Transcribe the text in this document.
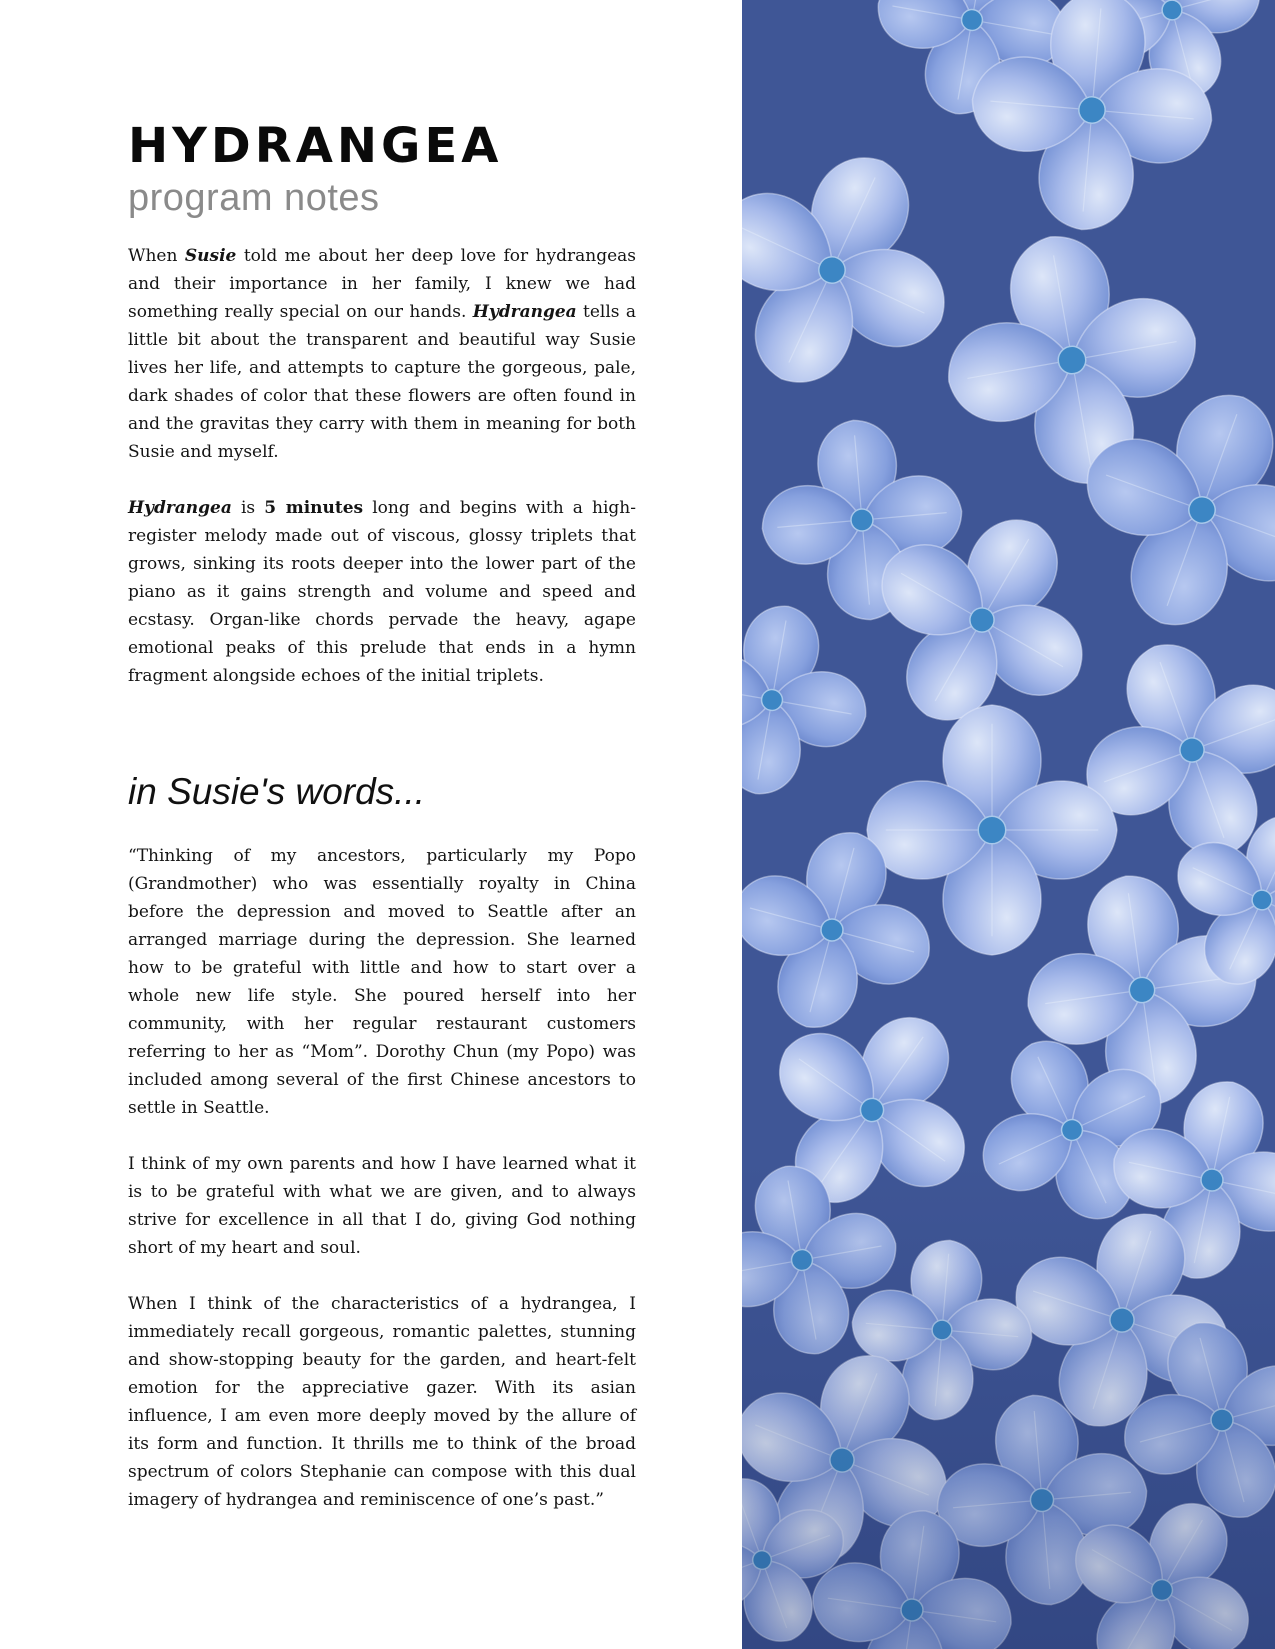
HYDRANGEA
program notes

When Susie told me about her deep love for hydrangeas and their importance in her family, I knew we had something really special on our hands. Hydrangea tells a little bit about the transparent and beautiful way Susie lives her life, and attempts to capture the gorgeous, pale, dark shades of color that these flowers are often found in and the gravitas they carry with them in meaning for both Susie and myself.

Hydrangea is 5 minutes long and begins with a high-register melody made out of viscous, glossy triplets that grows, sinking its roots deeper into the lower part of the piano as it gains strength and volume and speed and ecstasy. Organ-like chords pervade the heavy, agape emotional peaks of this prelude that ends in a hymn fragment alongside echoes of the initial triplets.

in Susie's words...

“Thinking of my ancestors, particularly my Popo (Grandmother) who was essentially royalty in China before the depression and moved to Seattle after an arranged marriage during the depression. She learned how to be grateful with little and how to start over a whole new life style. She poured herself into her community, with her regular restaurant customers referring to her as “Mom”. Dorothy Chun (my Popo) was included among several of the first Chinese ancestors to settle in Seattle.

I think of my own parents and how I have learned what it is to be grateful with what we are given, and to always strive for excellence in all that I do, giving God nothing short of my heart and soul.

When I think of the characteristics of a hydrangea, I immediately recall gorgeous, romantic palettes, stunning and show-stopping beauty for the garden, and heart-felt emotion for the appreciative gazer. With its asian influence, I am even more deeply moved by the allure of its form and function. It thrills me to think of the broad spectrum of colors Stephanie can compose with this dual imagery of hydrangea and reminiscence of one’s past.”
